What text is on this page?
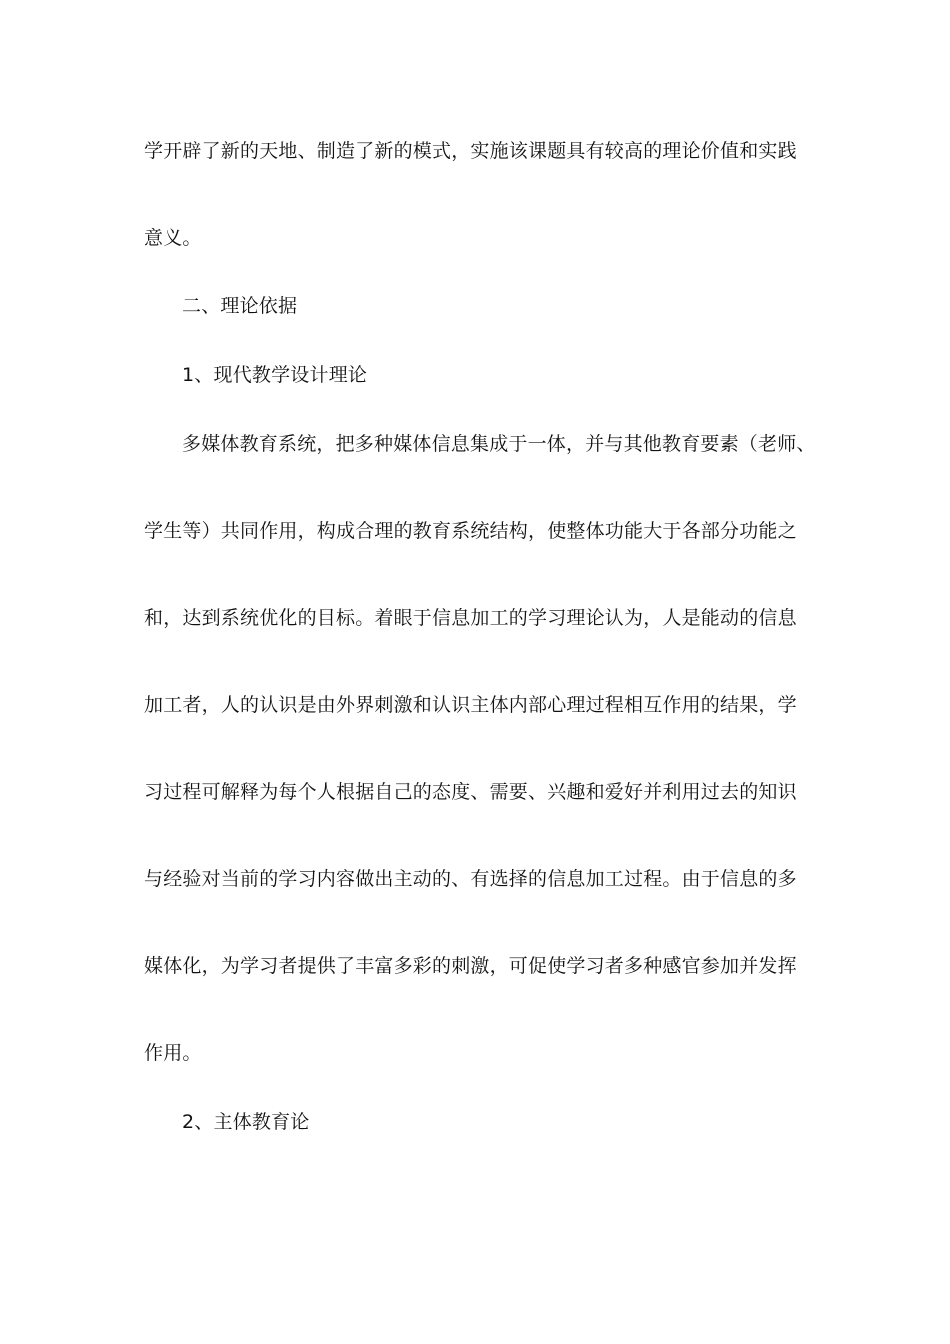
学开辟了新的天地、制造了新的模式，实施该课题具有较高的理论价值和实践
意义。
二、理论依据
1、现代教学设计理论
多媒体教育系统，把多种媒体信息集成于一体，并与其他教育要素（老师、
学生等）共同作用，构成合理的教育系统结构，使整体功能大于各部分功能之
和，达到系统优化的目标。着眼于信息加工的学习理论认为，人是能动的信息
加工者，人的认识是由外界刺激和认识主体内部心理过程相互作用的结果，学
习过程可解释为每个人根据自己的态度、需要、兴趣和爱好并利用过去的知识
与经验对当前的学习内容做出主动的、有选择的信息加工过程。由于信息的多
媒体化，为学习者提供了丰富多彩的刺激，可促使学习者多种感官参加并发挥
作用。
2、主体教育论
